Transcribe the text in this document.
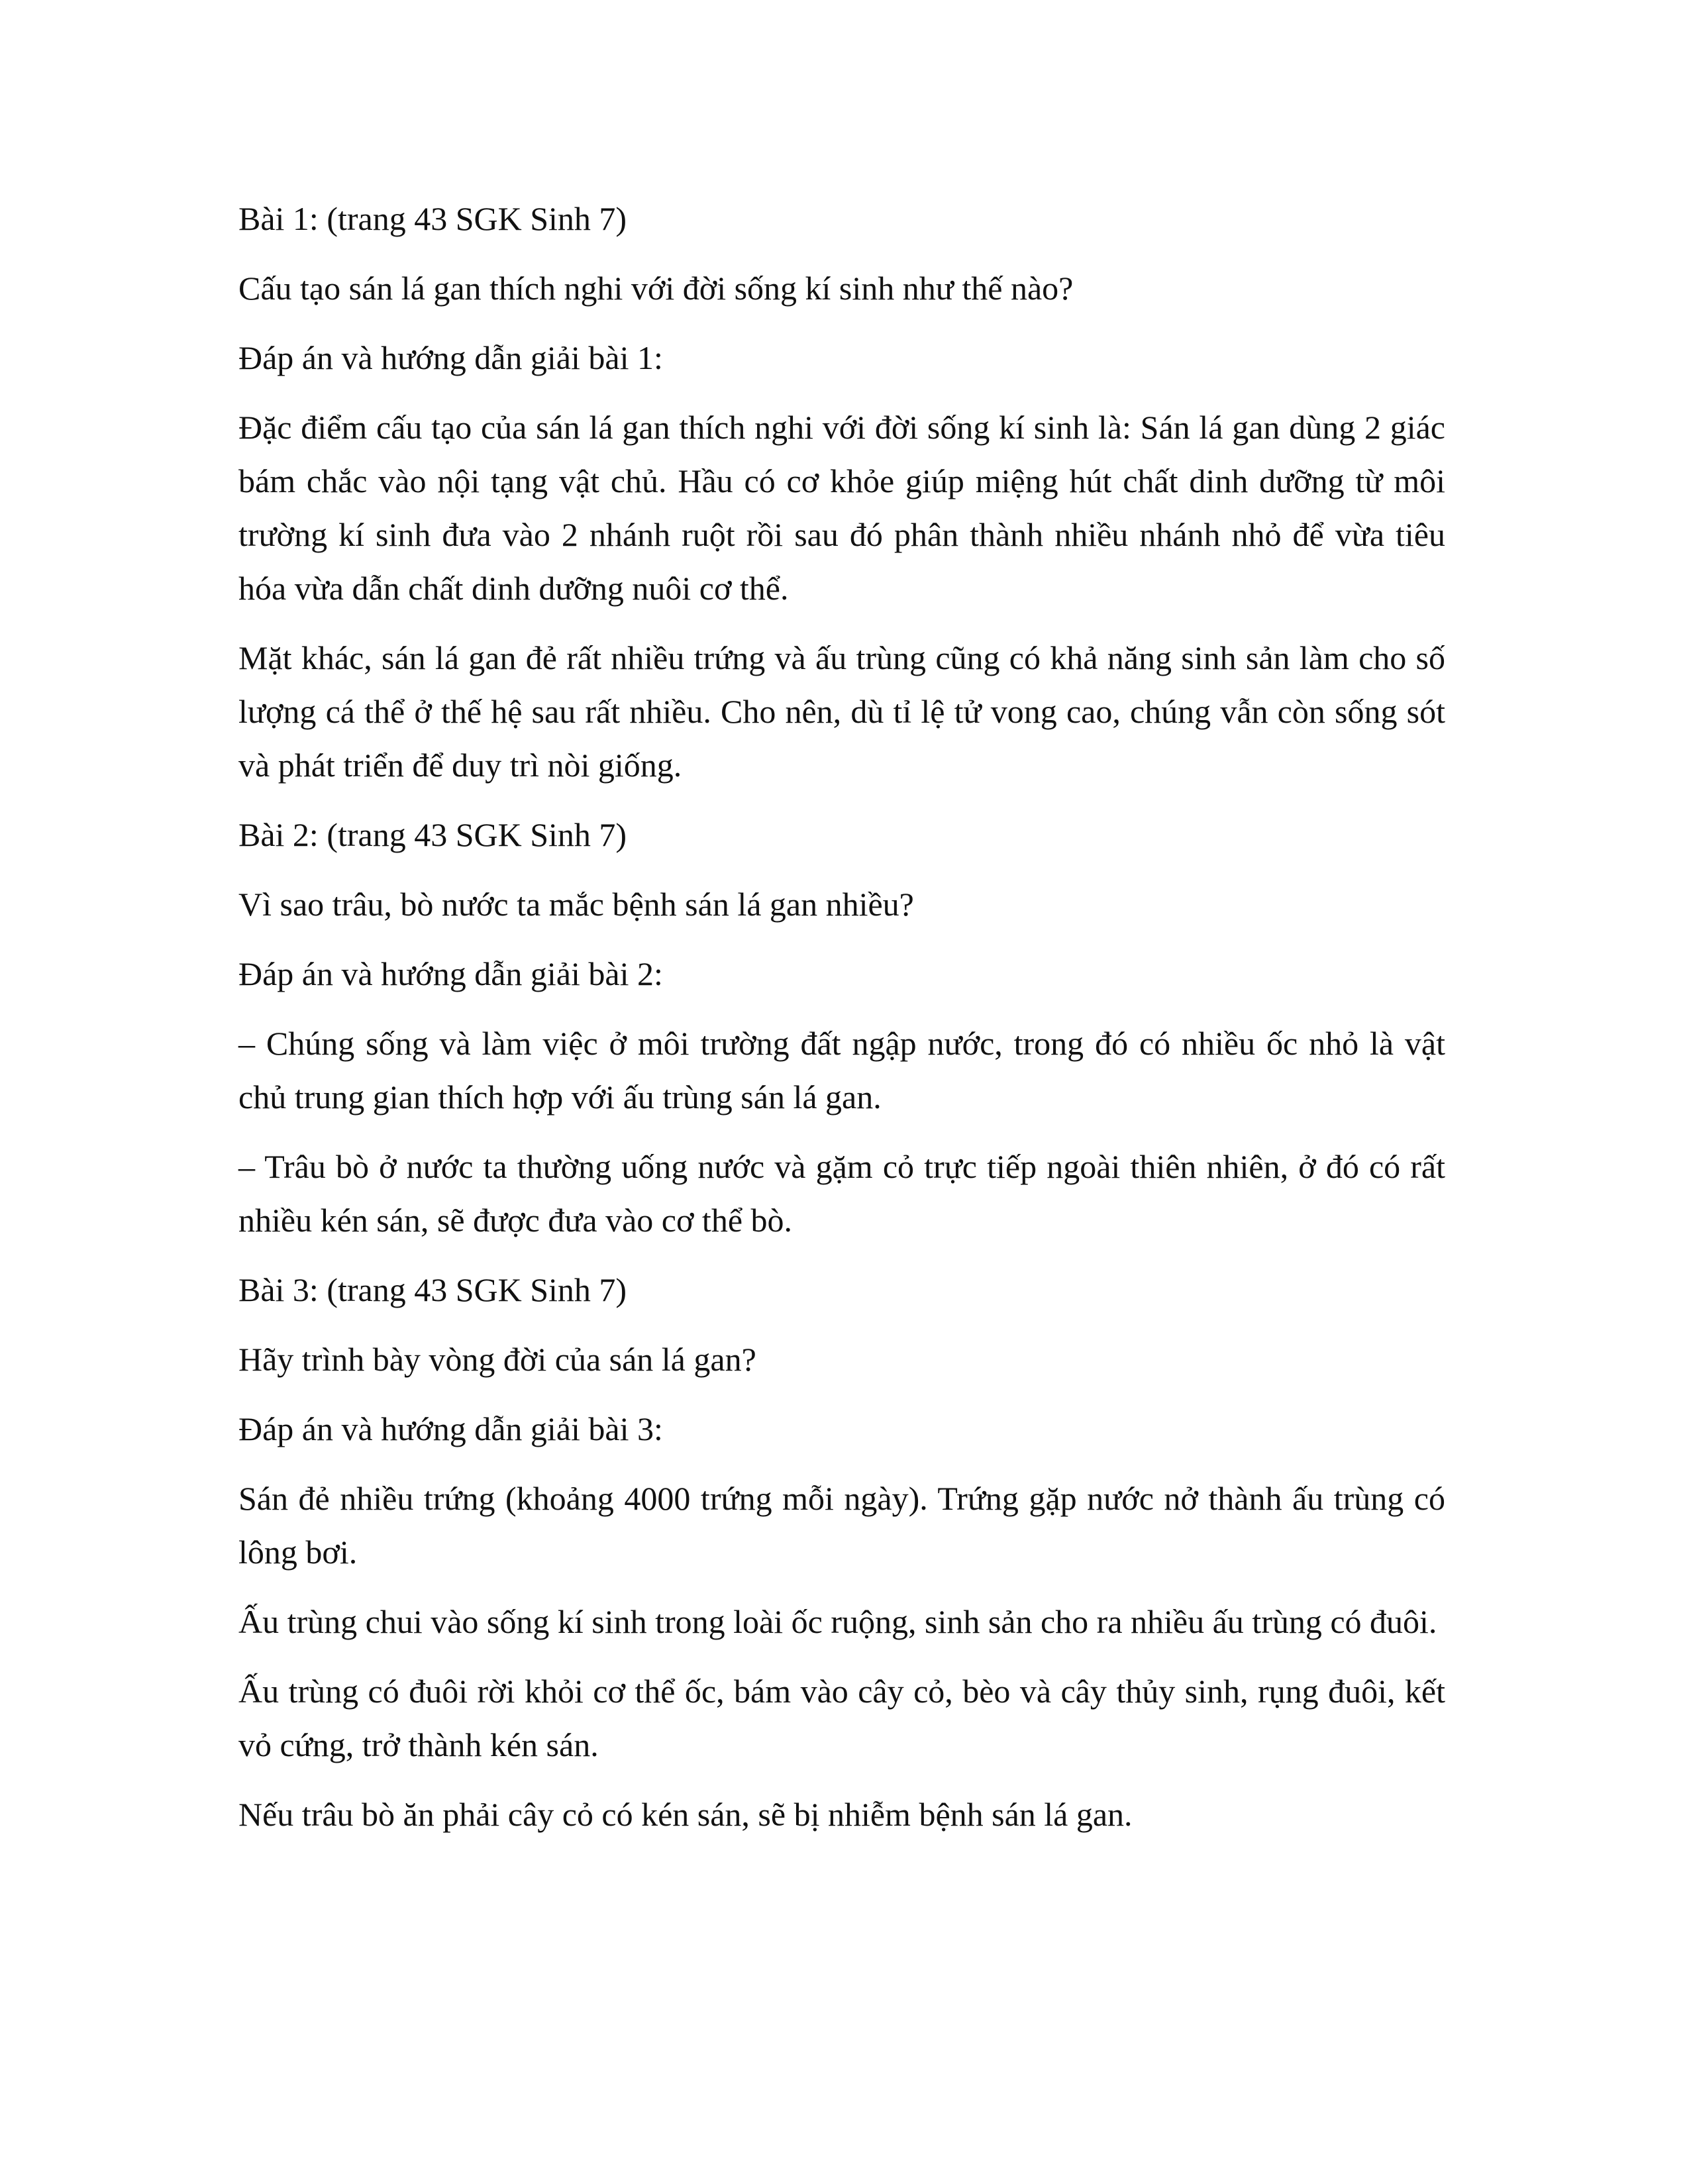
Bài 1: (trang 43 SGK Sinh 7)

Cấu tạo sán lá gan thích nghi với đời sống kí sinh như thế nào?

Đáp án và hướng dẫn giải bài 1:

Đặc điểm cấu tạo của sán lá gan thích nghi với đời sống kí sinh là: Sán lá gan dùng 2 giác bám chắc vào nội tạng vật chủ. Hầu có cơ khỏe giúp miệng hút chất dinh dưỡng từ môi trường kí sinh đưa vào 2 nhánh ruột rồi sau đó phân thành nhiều nhánh nhỏ để vừa tiêu hóa vừa dẫn chất dinh dưỡng nuôi cơ thể.

Mặt khác, sán lá gan đẻ rất nhiều trứng và ấu trùng cũng có khả năng sinh sản làm cho số lượng cá thể ở thế hệ sau rất nhiều. Cho nên, dù tỉ lệ tử vong cao, chúng vẫn còn sống sót và phát triển để duy trì nòi giống.

Bài 2: (trang 43 SGK Sinh 7)

Vì sao trâu, bò nước ta mắc bệnh sán lá gan nhiều?

Đáp án và hướng dẫn giải bài 2:

– Chúng sống và làm việc ở môi trường đất ngập nước, trong đó có nhiều ốc nhỏ là vật chủ trung gian thích hợp với ấu trùng sán lá gan.

– Trâu bò ở nước ta thường uống nước và gặm cỏ trực tiếp ngoài thiên nhiên, ở đó có rất nhiều kén sán, sẽ được đưa vào cơ thể bò.

Bài 3: (trang 43 SGK Sinh 7)

Hãy trình bày vòng đời của sán lá gan?

Đáp án và hướng dẫn giải bài 3:

Sán đẻ nhiều trứng (khoảng 4000 trứng mỗi ngày). Trứng gặp nước nở thành ấu trùng có lông bơi.

Ấu trùng chui vào sống kí sinh trong loài ốc ruộng, sinh sản cho ra nhiều ấu trùng có đuôi.

Ấu trùng có đuôi rời khỏi cơ thể ốc, bám vào cây cỏ, bèo và cây thủy sinh, rụng đuôi, kết vỏ cứng, trở thành kén sán.

Nếu trâu bò ăn phải cây cỏ có kén sán, sẽ bị nhiễm bệnh sán lá gan.
